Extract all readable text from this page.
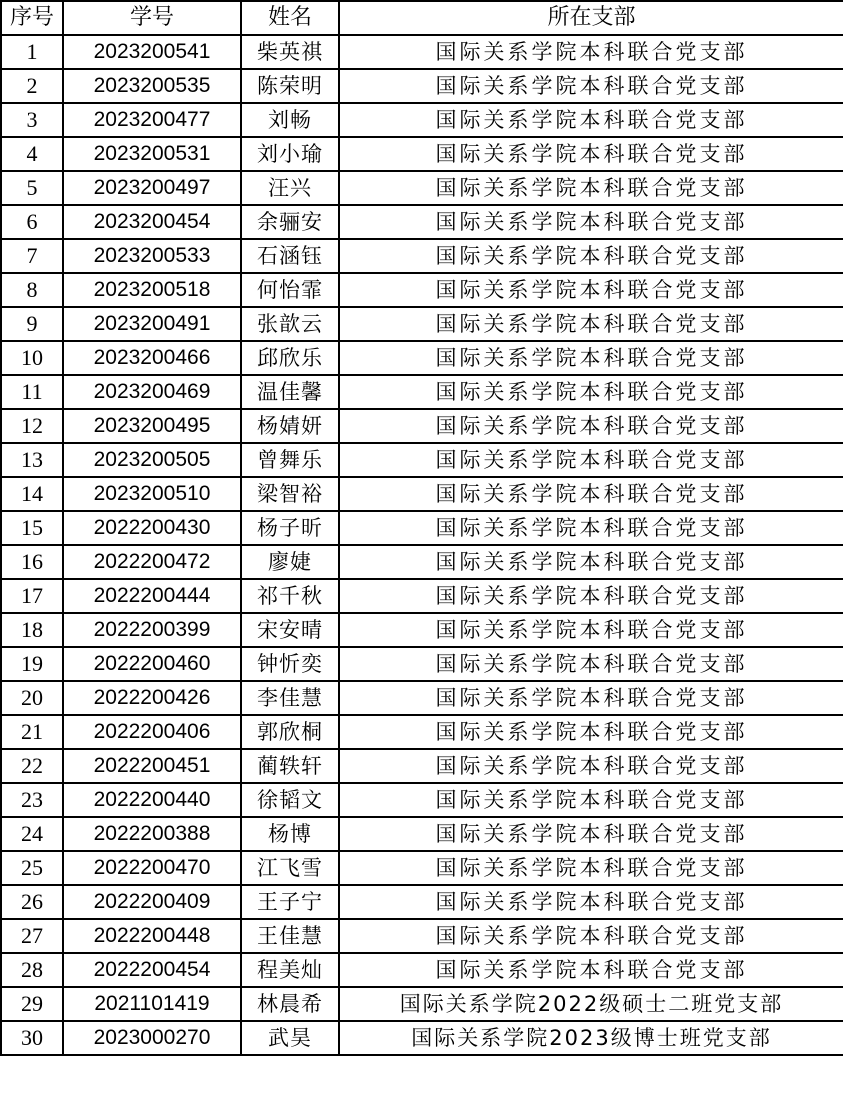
序号	学号	姓名	所在支部
1	2023200541	柴英祺	国际关系学院本科联合党支部
2	2023200535	陈荣明	国际关系学院本科联合党支部
3	2023200477	刘畅	国际关系学院本科联合党支部
4	2023200531	刘小瑜	国际关系学院本科联合党支部
5	2023200497	汪兴	国际关系学院本科联合党支部
6	2023200454	余骊安	国际关系学院本科联合党支部
7	2023200533	石涵钰	国际关系学院本科联合党支部
8	2023200518	何怡霏	国际关系学院本科联合党支部
9	2023200491	张歆云	国际关系学院本科联合党支部
10	2023200466	邱欣乐	国际关系学院本科联合党支部
11	2023200469	温佳馨	国际关系学院本科联合党支部
12	2023200495	杨婧妍	国际关系学院本科联合党支部
13	2023200505	曾舞乐	国际关系学院本科联合党支部
14	2023200510	梁智裕	国际关系学院本科联合党支部
15	2022200430	杨子昕	国际关系学院本科联合党支部
16	2022200472	廖婕	国际关系学院本科联合党支部
17	2022200444	祁千秋	国际关系学院本科联合党支部
18	2022200399	宋安晴	国际关系学院本科联合党支部
19	2022200460	钟忻奕	国际关系学院本科联合党支部
20	2022200426	李佳慧	国际关系学院本科联合党支部
21	2022200406	郭欣桐	国际关系学院本科联合党支部
22	2022200451	蔺轶轩	国际关系学院本科联合党支部
23	2022200440	徐韬文	国际关系学院本科联合党支部
24	2022200388	杨博	国际关系学院本科联合党支部
25	2022200470	江飞雪	国际关系学院本科联合党支部
26	2022200409	王子宁	国际关系学院本科联合党支部
27	2022200448	王佳慧	国际关系学院本科联合党支部
28	2022200454	程美灿	国际关系学院本科联合党支部
29	2021101419	林晨希	国际关系学院2022级硕士二班党支部
30	2023000270	武昊	国际关系学院2023级博士班党支部
